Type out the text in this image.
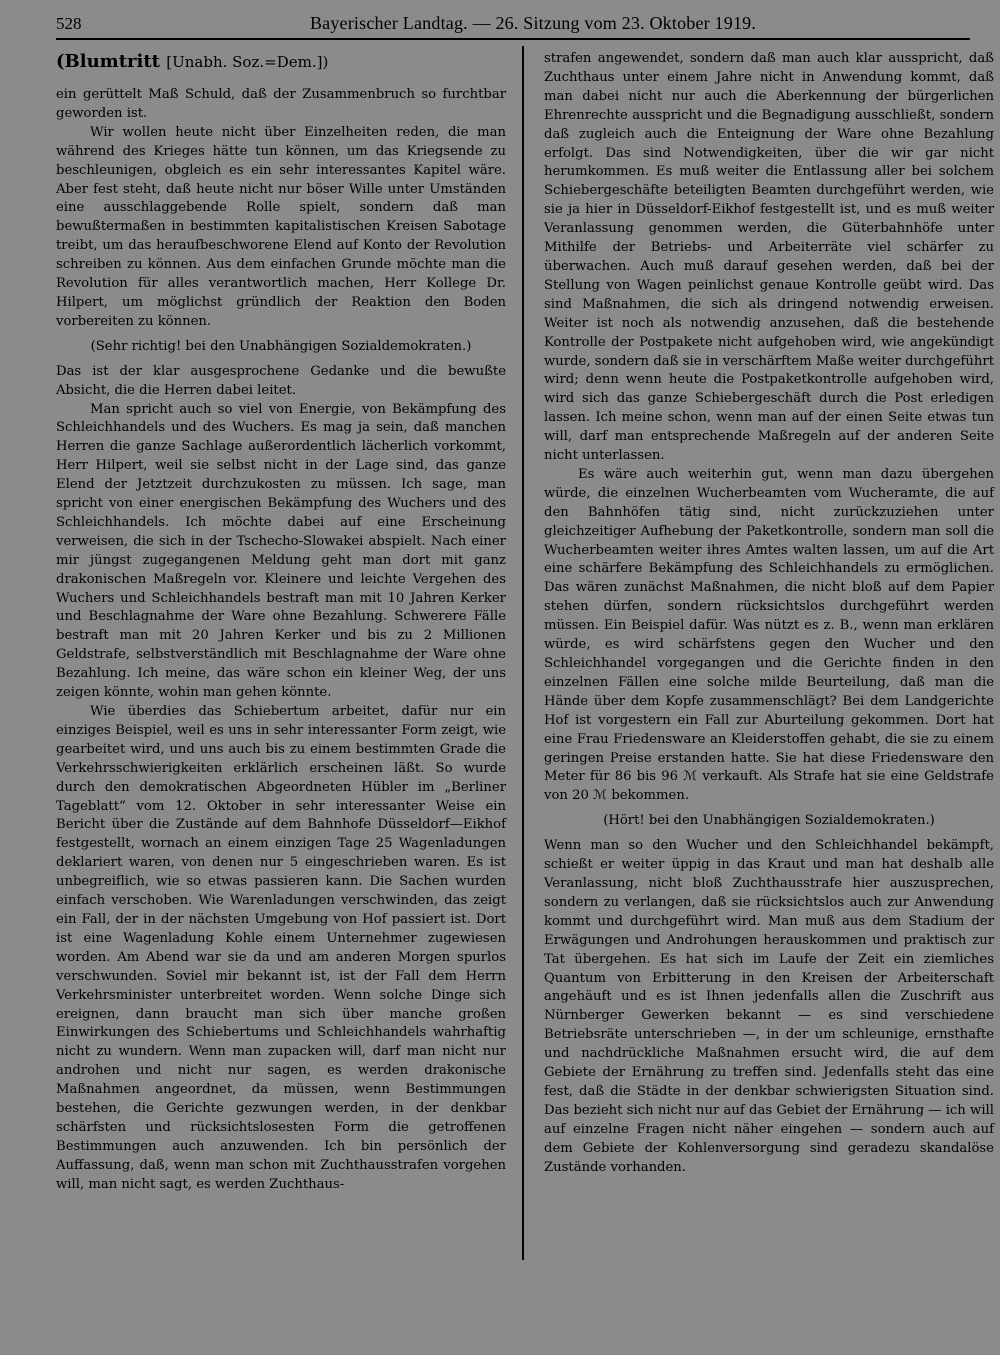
528	Bayerischer Landtag. — 26. Sitzung vom 23. Oktober 1919.
(Blumtritt [Unabh. Soz.=Dem.])

ein gerüttelt Maß Schuld, daß der Zusammenbruch so furchtbar geworden ist.

Wir wollen heute nicht über Einzelheiten reden, die man während des Krieges hätte tun können, um das Kriegsende zu beschleunigen, obgleich es ein sehr interessantes Kapitel wäre. Aber fest steht, daß heute nicht nur böser Wille unter Umständen eine ausschlaggebende Rolle spielt, sondern daß man bewußtermaßen in bestimmten kapitalistischen Kreisen Sabotage treibt, um das heraufbeschworene Elend auf Konto der Revolution schreiben zu können. Aus dem einfachen Grunde möchte man die Revolution für alles verantwortlich machen, Herr Kollege Dr. Hilpert, um möglichst gründlich der Reaktion den Boden vorbereiten zu können.

(Sehr richtig! bei den Unabhängigen Sozialdemokraten.)

Das ist der klar ausgesprochene Gedanke und die bewußte Absicht, die die Herren dabei leitet.

Man spricht auch so viel von Energie, von Bekämpfung des Schleichhandels und des Wuchers. Es mag ja sein, daß manchen Herren die ganze Sachlage außerordentlich lächerlich vorkommt, Herr Hilpert, weil sie selbst nicht in der Lage sind, das ganze Elend der Jetztzeit durchzukosten zu müssen. Ich sage, man spricht von einer energischen Bekämpfung des Wuchers und des Schleichhandels. Ich möchte dabei auf eine Erscheinung verweisen, die sich in der Tschecho-Slowakei abspielt. Nach einer mir jüngst zugegangenen Meldung geht man dort mit ganz drakonischen Maßregeln vor. Kleinere und leichte Vergehen des Wuchers und Schleichhandels bestraft man mit 10 Jahren Kerker und Beschlagnahme der Ware ohne Bezahlung. Schwerere Fälle bestraft man mit 20 Jahren Kerker und bis zu 2 Millionen Geldstrafe, selbstverständlich mit Beschlagnahme der Ware ohne Bezahlung. Ich meine, das wäre schon ein kleiner Weg, der uns zeigen könnte, wohin man gehen könnte.

Wie überdies das Schiebertum arbeitet, dafür nur ein einziges Beispiel, weil es uns in sehr interessanter Form zeigt, wie gearbeitet wird, und uns auch bis zu einem bestimmten Grade die Verkehrsschwierigkeiten erklärlich erscheinen läßt. So wurde durch den demokratischen Abgeordneten Hübler im „Berliner Tageblatt“ vom 12. Oktober in sehr interessanter Weise ein Bericht über die Zustände auf dem Bahnhofe Düsseldorf—Eikhof festgestellt, wornach an einem einzigen Tage 25 Wagenladungen deklariert waren, von denen nur 5 eingeschrieben waren. Es ist unbegreiflich, wie so etwas passieren kann. Die Sachen wurden einfach verschoben. Wie Warenladungen verschwinden, das zeigt ein Fall, der in der nächsten Umgebung von Hof passiert ist. Dort ist eine Wagenladung Kohle einem Unternehmer zugewiesen worden. Am Abend war sie da und am anderen Morgen spurlos verschwunden. Soviel mir bekannt ist, ist der Fall dem Herrn Verkehrsminister unterbreitet worden. Wenn solche Dinge sich ereignen, dann braucht man sich über manche großen Einwirkungen des Schiebertums und Schleichhandels wahrhaftig nicht zu wundern. Wenn man zupacken will, darf man nicht nur androhen und nicht nur sagen, es werden drakonische Maßnahmen angeordnet, da müssen, wenn Bestimmungen bestehen, die Gerichte gezwungen werden, in der denkbar schärfsten und rücksichtslosesten Form die getroffenen Bestimmungen auch anzuwenden. Ich bin persönlich der Auffassung, daß, wenn man schon mit Zuchthausstrafen vorgehen will, man nicht sagt, es werden Zuchthaus-

strafen angewendet, sondern daß man auch klar ausspricht, daß Zuchthaus unter einem Jahre nicht in Anwendung kommt, daß man dabei nicht nur auch die Aberkennung der bürgerlichen Ehrenrechte ausspricht und die Begnadigung ausschließt, sondern daß zugleich auch die Enteignung der Ware ohne Bezahlung erfolgt. Das sind Notwendigkeiten, über die wir gar nicht herumkommen. Es muß weiter die Entlassung aller bei solchem Schiebergeschäfte beteiligten Beamten durchgeführt werden, wie sie ja hier in Düsseldorf-Eikhof festgestellt ist, und es muß weiter Veranlassung genommen werden, die Güterbahnhöfe unter Mithilfe der Betriebs- und Arbeiterräte viel schärfer zu überwachen. Auch muß darauf gesehen werden, daß bei der Stellung von Wagen peinlichst genaue Kontrolle geübt wird. Das sind Maßnahmen, die sich als dringend notwendig erweisen. Weiter ist noch als notwendig anzusehen, daß die bestehende Kontrolle der Postpakete nicht aufgehoben wird, wie angekündigt wurde, sondern daß sie in verschärftem Maße weiter durchgeführt wird; denn wenn heute die Postpaketkontrolle aufgehoben wird, wird sich das ganze Schiebergeschäft durch die Post erledigen lassen. Ich meine schon, wenn man auf der einen Seite etwas tun will, darf man entsprechende Maßregeln auf der anderen Seite nicht unterlassen.

Es wäre auch weiterhin gut, wenn man dazu übergehen würde, die einzelnen Wucherbeamten vom Wucheramte, die auf den Bahnhöfen tätig sind, nicht zurückzuziehen unter gleichzeitiger Aufhebung der Paketkontrolle, sondern man soll die Wucherbeamten weiter ihres Amtes walten lassen, um auf die Art eine schärfere Bekämpfung des Schleichhandels zu ermöglichen. Das wären zunächst Maßnahmen, die nicht bloß auf dem Papier stehen dürfen, sondern rücksichtslos durchgeführt werden müssen. Ein Beispiel dafür. Was nützt es z. B., wenn man erklären würde, es wird schärfstens gegen den Wucher und den Schleichhandel vorgegangen und die Gerichte finden in den einzelnen Fällen eine solche milde Beurteilung, daß man die Hände über dem Kopfe zusammenschlägt? Bei dem Landgerichte Hof ist vorgestern ein Fall zur Aburteilung gekommen. Dort hat eine Frau Friedensware an Kleiderstoffen gehabt, die sie zu einem geringen Preise erstanden hatte. Sie hat diese Friedensware den Meter für 86 bis 96 ℳ verkauft. Als Strafe hat sie eine Geldstrafe von 20 ℳ bekommen.

(Hört! bei den Unabhängigen Sozialdemokraten.)

Wenn man so den Wucher und den Schleichhandel bekämpft, schießt er weiter üppig in das Kraut und man hat deshalb alle Veranlassung, nicht bloß Zuchthausstrafe hier auszusprechen, sondern zu verlangen, daß sie rücksichtslos auch zur Anwendung kommt und durchgeführt wird. Man muß aus dem Stadium der Erwägungen und Androhungen herauskommen und praktisch zur Tat übergehen. Es hat sich im Laufe der Zeit ein ziemliches Quantum von Erbitterung in den Kreisen der Arbeiterschaft angehäuft und es ist Ihnen jedenfalls allen die Zuschrift aus Nürnberger Gewerken bekannt — es sind verschiedene Betriebsräte unterschrieben —, in der um schleunige, ernsthafte und nachdrückliche Maßnahmen ersucht wird, die auf dem Gebiete der Ernährung zu treffen sind. Jedenfalls steht das eine fest, daß die Städte in der denkbar schwierigsten Situation sind. Das bezieht sich nicht nur auf das Gebiet der Ernährung — ich will auf einzelne Fragen nicht näher eingehen — sondern auch auf dem Gebiete der Kohlenversorgung sind geradezu skandalöse Zustände vorhanden.
